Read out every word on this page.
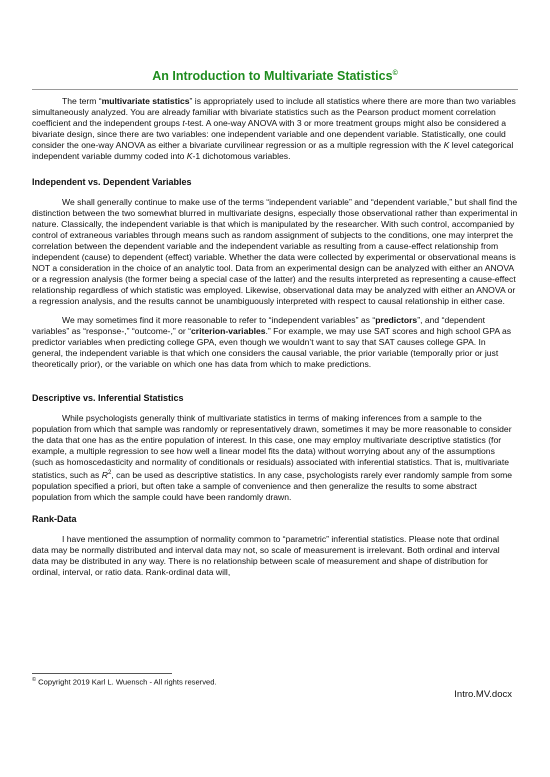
An Introduction to Multivariate Statistics©

The term “multivariate statistics” is appropriately used to include all statistics where there are more than two variables simultaneously analyzed. You are already familiar with bivariate statistics such as the Pearson product moment correlation coefficient and the independent groups t-test. A one-way ANOVA with 3 or more treatment groups might also be considered a bivariate design, since there are two variables: one independent variable and one dependent variable. Statistically, one could consider the one-way ANOVA as either a bivariate curvilinear regression or as a multiple regression with the K level categorical independent variable dummy coded into K-1 dichotomous variables.

Independent vs. Dependent Variables

We shall generally continue to make use of the terms “independent variable” and “dependent variable,” but shall find the distinction between the two somewhat blurred in multivariate designs, especially those observational rather than experimental in nature. Classically, the independent variable is that which is manipulated by the researcher. With such control, accompanied by control of extraneous variables through means such as random assignment of subjects to the conditions, one may interpret the correlation between the dependent variable and the independent variable as resulting from a cause-effect relationship from independent (cause) to dependent (effect) variable. Whether the data were collected by experimental or observational means is NOT a consideration in the choice of an analytic tool. Data from an experimental design can be analyzed with either an ANOVA or a regression analysis (the former being a special case of the latter) and the results interpreted as representing a cause-effect relationship regardless of which statistic was employed. Likewise, observational data may be analyzed with either an ANOVA or a regression analysis, and the results cannot be unambiguously interpreted with respect to causal relationship in either case.

We may sometimes find it more reasonable to refer to “independent variables” as “predictors”, and “dependent variables” as “response-,” “outcome-,” or “criterion-variables.” For example, we may use SAT scores and high school GPA as predictor variables when predicting college GPA, even though we wouldn’t want to say that SAT causes college GPA. In general, the independent variable is that which one considers the causal variable, the prior variable (temporally prior or just theoretically prior), or the variable on which one has data from which to make predictions.

Descriptive vs. Inferential Statistics

While psychologists generally think of multivariate statistics in terms of making inferences from a sample to the population from which that sample was randomly or representatively drawn, sometimes it may be more reasonable to consider the data that one has as the entire population of interest. In this case, one may employ multivariate descriptive statistics (for example, a multiple regression to see how well a linear model fits the data) without worrying about any of the assumptions (such as homoscedasticity and normality of conditionals or residuals) associated with inferential statistics. That is, multivariate statistics, such as $R^2$, can be used as descriptive statistics. In any case, psychologists rarely ever randomly sample from some population specified a priori, but often take a sample of convenience and then generalize the results to some abstract population from which the sample could have been randomly drawn.

Rank-Data

I have mentioned the assumption of normality common to “parametric” inferential statistics. Please note that ordinal data may be normally distributed and interval data may not, so scale of measurement is irrelevant. Both ordinal and interval data may be distributed in any way. There is no relationship between scale of measurement and shape of distribution for ordinal, interval, or ratio data. Rank-ordinal data will,

© Copyright 2019 Karl L. Wuensch - All rights reserved.
Intro.MV.docx
